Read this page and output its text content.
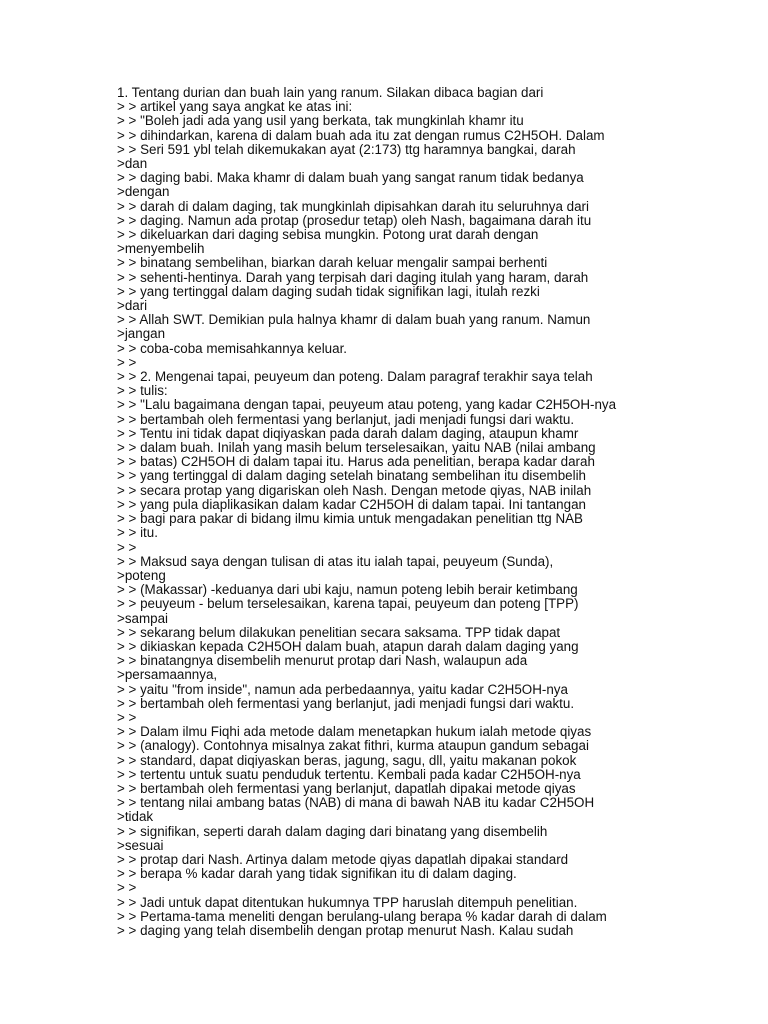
1. Tentang durian dan buah lain yang ranum. Silakan dibaca bagian dari
> > artikel yang saya angkat ke atas ini:
> > "Boleh jadi ada yang usil yang berkata, tak mungkinlah khamr itu
> > dihindarkan, karena di dalam buah ada itu zat dengan rumus C2H5OH. Dalam
> > Seri 591 ybl telah dikemukakan ayat (2:173) ttg haramnya bangkai, darah
>dan
> > daging babi. Maka khamr di dalam buah yang sangat ranum tidak bedanya
>dengan
> > darah di dalam daging, tak mungkinlah dipisahkan darah itu seluruhnya dari
> > daging. Namun ada protap (prosedur tetap) oleh Nash, bagaimana darah itu
> > dikeluarkan dari daging sebisa mungkin. Potong urat darah dengan
>menyembelih
> > binatang sembelihan, biarkan darah keluar mengalir sampai berhenti
> > sehenti-hentinya. Darah yang terpisah dari daging itulah yang haram, darah
> > yang tertinggal dalam daging sudah tidak signifikan lagi, itulah rezki
>dari
> > Allah SWT. Demikian pula halnya khamr di dalam buah yang ranum. Namun
>jangan
> > coba-coba memisahkannya keluar.
> >
> > 2. Mengenai tapai, peuyeum dan poteng. Dalam paragraf terakhir saya telah
> > tulis:
> > "Lalu bagaimana dengan tapai, peuyeum atau poteng, yang kadar C2H5OH-nya
> > bertambah oleh fermentasi yang berlanjut, jadi menjadi fungsi dari waktu.
> > Tentu ini tidak dapat diqiyaskan pada darah dalam daging, ataupun khamr
> > dalam buah. Inilah yang masih belum terselesaikan, yaitu NAB (nilai ambang
> > batas) C2H5OH di dalam tapai itu. Harus ada penelitian, berapa kadar darah
> > yang tertinggal di dalam daging setelah binatang sembelihan itu disembelih
> > secara protap yang digariskan oleh Nash. Dengan metode qiyas, NAB inilah
> > yang pula diaplikasikan dalam kadar C2H5OH di dalam tapai. Ini tantangan
> > bagi para pakar di bidang ilmu kimia untuk mengadakan penelitian ttg NAB
> > itu.
> >
> > Maksud saya dengan tulisan di atas itu ialah tapai, peuyeum (Sunda),
>poteng
> > (Makassar) -keduanya dari ubi kaju, namun poteng lebih berair ketimbang
> > peuyeum - belum terselesaikan, karena tapai, peuyeum dan poteng [TPP)
>sampai
> > sekarang belum dilakukan penelitian secara saksama. TPP tidak dapat
> > dikiaskan kepada C2H5OH dalam buah, atapun darah dalam daging yang
> > binatangnya disembelih menurut protap dari Nash, walaupun ada
>persamaannya,
> > yaitu "from inside", namun ada perbedaannya, yaitu kadar C2H5OH-nya
> > bertambah oleh fermentasi yang berlanjut, jadi menjadi fungsi dari waktu.
> >
> > Dalam ilmu Fiqhi ada metode dalam menetapkan hukum ialah metode qiyas
> > (analogy). Contohnya misalnya zakat fithri, kurma ataupun gandum sebagai
> > standard, dapat diqiyaskan beras, jagung, sagu, dll, yaitu makanan pokok
> > tertentu untuk suatu penduduk tertentu. Kembali pada kadar C2H5OH-nya
> > bertambah oleh fermentasi yang berlanjut, dapatlah dipakai metode qiyas
> > tentang nilai ambang batas (NAB) di mana di bawah NAB itu kadar C2H5OH
>tidak
> > signifikan, seperti darah dalam daging dari binatang yang disembelih
>sesuai
> > protap dari Nash. Artinya dalam metode qiyas dapatlah dipakai standard
> > berapa % kadar darah yang tidak signifikan itu di dalam daging.
> >
> > Jadi untuk dapat ditentukan hukumnya TPP haruslah ditempuh penelitian.
> > Pertama-tama meneliti dengan berulang-ulang berapa % kadar darah di dalam
> > daging yang telah disembelih dengan protap menurut Nash. Kalau sudah
